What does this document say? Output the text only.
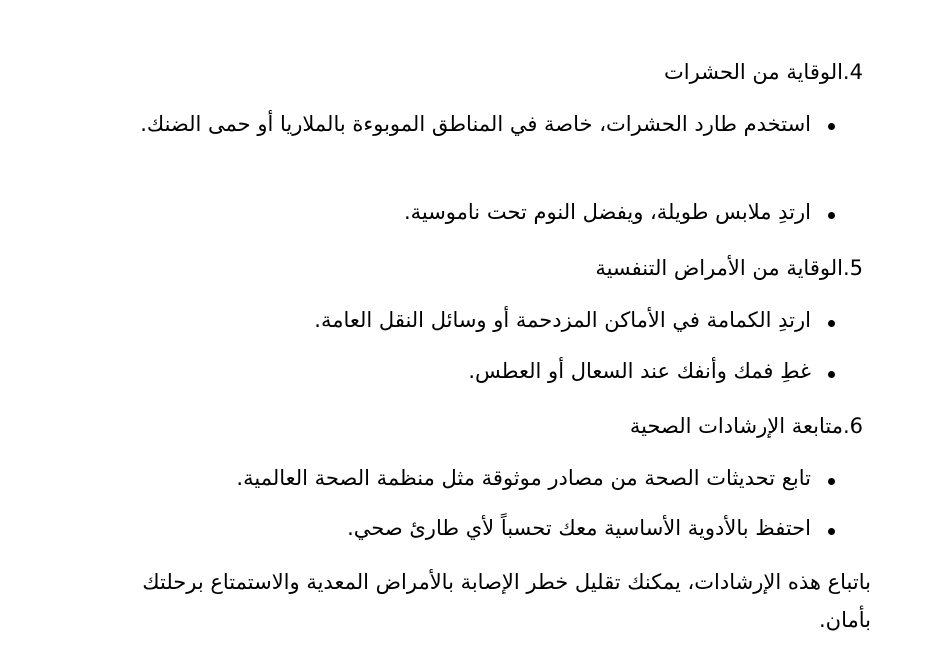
4.الوقاية من الحشرات

استخدم طارد الحشرات، خاصة في المناطق الموبوءة بالملاريا أو حمى الضنك.

ارتدِ ملابس طويلة، ويفضل النوم تحت ناموسية.

5.الوقاية من الأمراض التنفسية

ارتدِ الكمامة في الأماكن المزدحمة أو وسائل النقل العامة.

غطِ فمك وأنفك عند السعال أو العطس.

6.متابعة الإرشادات الصحية

تابع تحديثات الصحة من مصادر موثوقة مثل منظمة الصحة العالمية.

احتفظ بالأدوية الأساسية معك تحسباً لأي طارئ صحي.

باتباع هذه الإرشادات، يمكنك تقليل خطر الإصابة بالأمراض المعدية والاستمتاع برحلتك بأمان.
